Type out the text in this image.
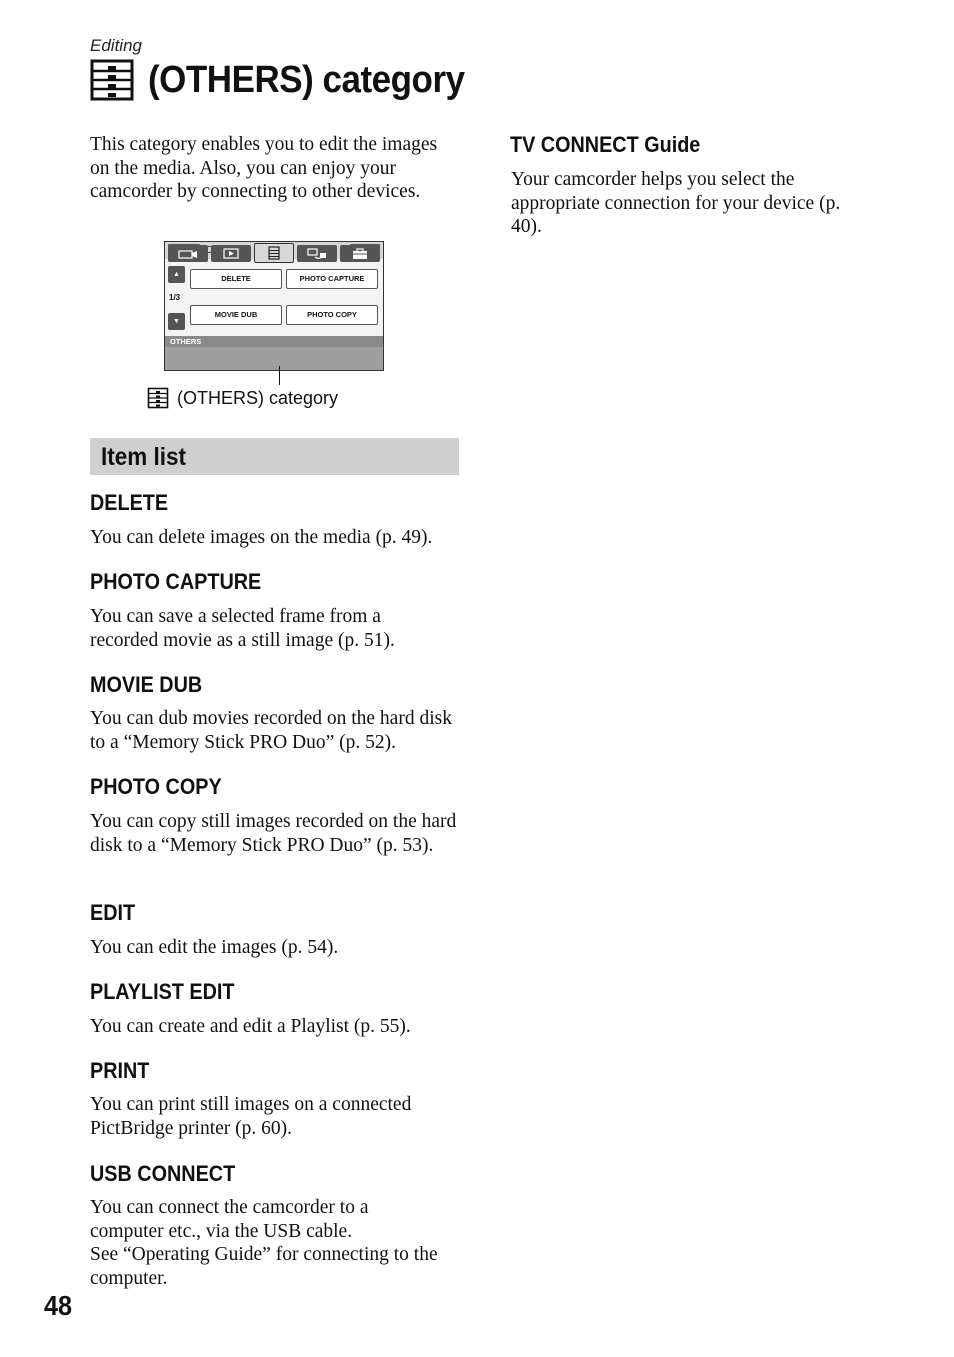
Editing
(OTHERS) category
This category enables you to edit the images on the media. Also, you can enjoy your camcorder by connecting to other devices.
▲
1/3
▼
DELETE	PHOTO CAPTURE
MOVIE DUB	PHOTO COPY
OTHERS
(OTHERS) category
Item list
DELETE
You can delete images on the media (p. 49).
PHOTO CAPTURE
You can save a selected frame from a recorded movie as a still image (p. 51).
MOVIE DUB
You can dub movies recorded on the hard disk to a “Memory Stick PRO Duo” (p. 52).
PHOTO COPY
You can copy still images recorded on the hard disk to a “Memory Stick PRO Duo” (p. 53).
EDIT
You can edit the images (p. 54).
PLAYLIST EDIT
You can create and edit a Playlist (p. 55).
PRINT
You can print still images on a connected PictBridge printer (p. 60).
USB CONNECT
You can connect the camcorder to a computer etc., via the USB cable.
See “Operating Guide” for connecting to the computer.
TV CONNECT Guide
Your camcorder helps you select the appropriate connection for your device (p. 40).
48
